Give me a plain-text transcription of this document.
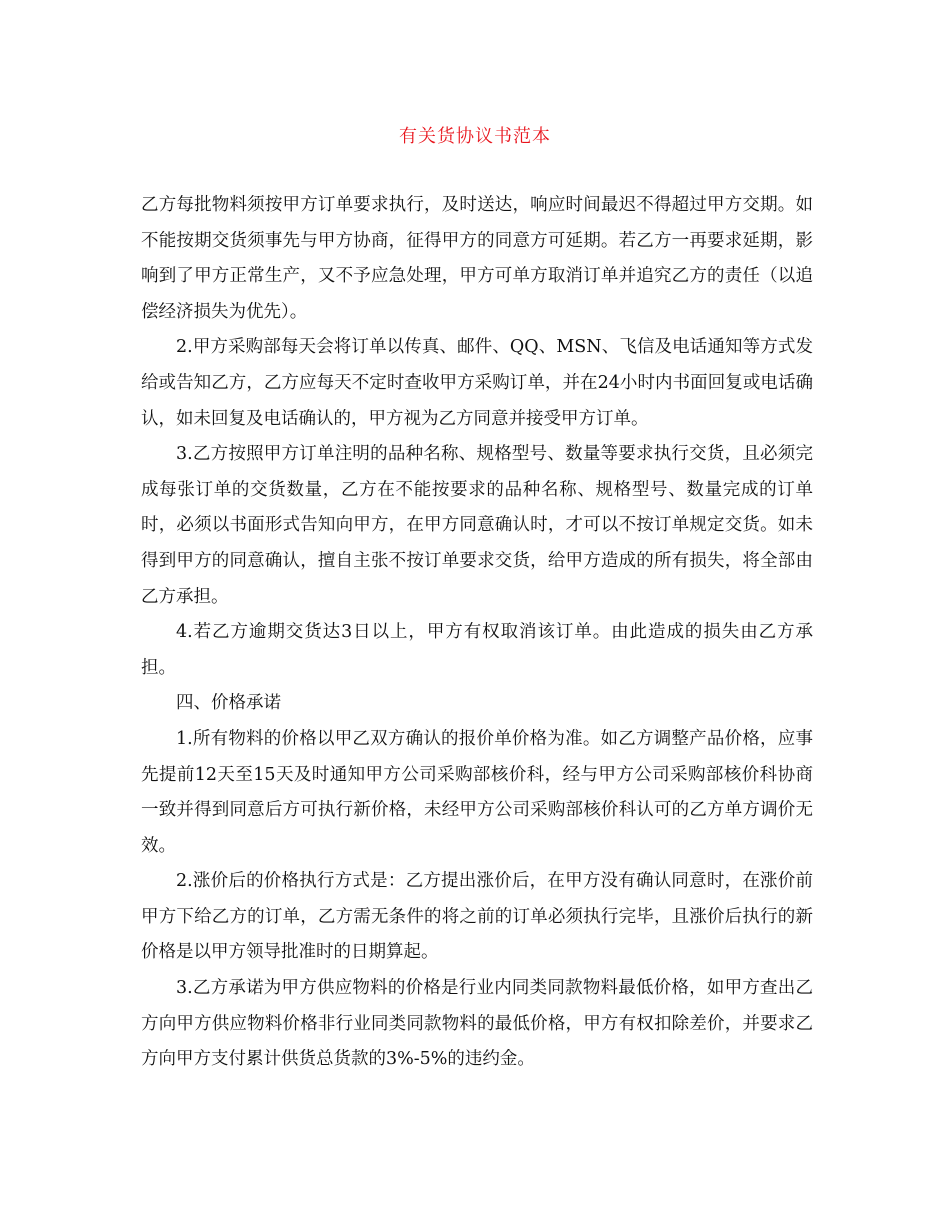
有关货协议书范本

乙方每批物料须按甲方订单要求执行，及时送达，响应时间最迟不得超过甲方交期。如不能按期交货须事先与甲方协商，征得甲方的同意方可延期。若乙方一再要求延期，影响到了甲方正常生产，又不予应急处理，甲方可单方取消订单并追究乙方的责任（以追偿经济损失为优先）。

2.甲方采购部每天会将订单以传真、邮件、QQ、MSN、飞信及电话通知等方式发给或告知乙方，乙方应每天不定时查收甲方采购订单，并在24小时内书面回复或电话确认，如未回复及电话确认的，甲方视为乙方同意并接受甲方订单。

3.乙方按照甲方订单注明的品种名称、规格型号、数量等要求执行交货，且必须完成每张订单的交货数量，乙方在不能按要求的品种名称、规格型号、数量完成的订单时，必须以书面形式告知向甲方，在甲方同意确认时，才可以不按订单规定交货。如未得到甲方的同意确认，擅自主张不按订单要求交货，给甲方造成的所有损失，将全部由乙方承担。

4.若乙方逾期交货达3日以上，甲方有权取消该订单。由此造成的损失由乙方承担。

四、价格承诺

1.所有物料的价格以甲乙双方确认的报价单价格为准。如乙方调整产品价格，应事先提前12天至15天及时通知甲方公司采购部核价科，经与甲方公司采购部核价科协商一致并得到同意后方可执行新价格，未经甲方公司采购部核价科认可的乙方单方调价无效。

2.涨价后的价格执行方式是：乙方提出涨价后，在甲方没有确认同意时，在涨价前甲方下给乙方的订单，乙方需无条件的将之前的订单必须执行完毕，且涨价后执行的新价格是以甲方领导批准时的日期算起。

3.乙方承诺为甲方供应物料的价格是行业内同类同款物料最低价格，如甲方查出乙方向甲方供应物料价格非行业同类同款物料的最低价格，甲方有权扣除差价，并要求乙方向甲方支付累计供货总货款的3%-5%的违约金。
